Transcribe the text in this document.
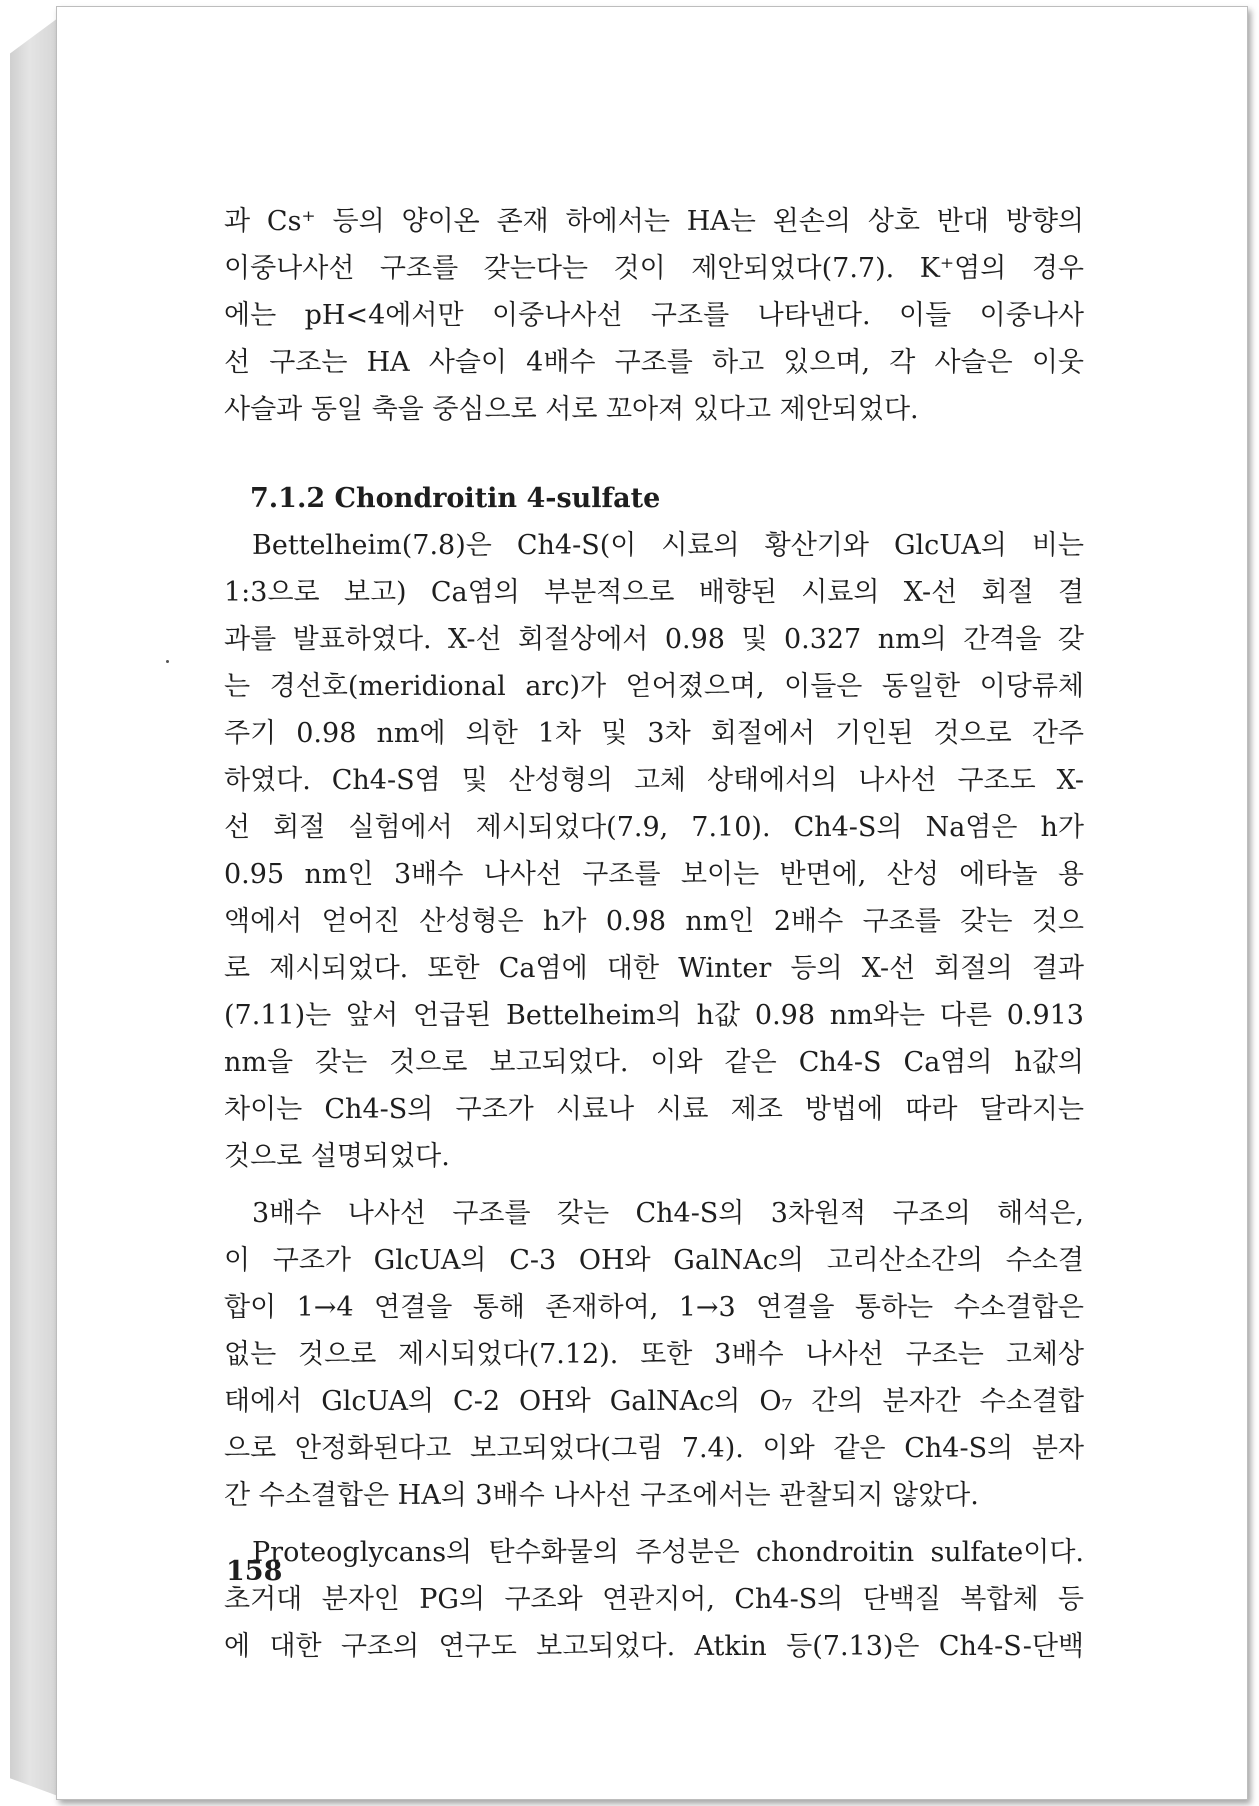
과 Cs⁺ 등의 양이온 존재 하에서는 HA는 왼손의 상호 반대 방향의
이중나사선 구조를 갖는다는 것이 제안되었다(7.7). K⁺염의 경우
에는 pH<4에서만 이중나사선 구조를 나타낸다. 이들 이중나사
선 구조는 HA 사슬이 4배수 구조를 하고 있으며, 각 사슬은 이웃
사슬과 동일 축을 중심으로 서로 꼬아져 있다고 제안되었다.
7.1.2 Chondroitin 4-sulfate
Bettelheim(7.8)은 Ch4-S(이 시료의 황산기와 GlcUA의 비는
1:3으로 보고) Ca염의 부분적으로 배향된 시료의 X-선 회절 결
과를 발표하였다. X-선 회절상에서 0.98 및 0.327 nm의 간격을 갖
는 경선호(meridional arc)가 얻어졌으며, 이들은 동일한 이당류체
주기 0.98 nm에 의한 1차 및 3차 회절에서 기인된 것으로 간주
하였다. Ch4-S염 및 산성형의 고체 상태에서의 나사선 구조도 X-
선 회절 실험에서 제시되었다(7.9, 7.10). Ch4-S의 Na염은 h가
0.95 nm인 3배수 나사선 구조를 보이는 반면에, 산성 에타놀 용
액에서 얻어진 산성형은 h가 0.98 nm인 2배수 구조를 갖는 것으
로 제시되었다. 또한 Ca염에 대한 Winter 등의 X-선 회절의 결과
(7.11)는 앞서 언급된 Bettelheim의 h값 0.98 nm와는 다른 0.913
nm을 갖는 것으로 보고되었다. 이와 같은 Ch4-S Ca염의 h값의
차이는 Ch4-S의 구조가 시료나 시료 제조 방법에 따라 달라지는
것으로 설명되었다.
3배수 나사선 구조를 갖는 Ch4-S의 3차원적 구조의 해석은,
이 구조가 GlcUA의 C-3 OH와 GalNAc의 고리산소간의 수소결
합이 1→4 연결을 통해 존재하여, 1→3 연결을 통하는 수소결합은
없는 것으로 제시되었다(7.12). 또한 3배수 나사선 구조는 고체상
태에서 GlcUA의 C-2 OH와 GalNAc의 O₇ 간의 분자간 수소결합
으로 안정화된다고 보고되었다(그림 7.4). 이와 같은 Ch4-S의 분자
간 수소결합은 HA의 3배수 나사선 구조에서는 관찰되지 않았다.
Proteoglycans의 탄수화물의 주성분은 chondroitin sulfate이다.
초거대 분자인 PG의 구조와 연관지어, Ch4-S의 단백질 복합체 등
에 대한 구조의 연구도 보고되었다. Atkin 등(7.13)은 Ch4-S-단백
158
